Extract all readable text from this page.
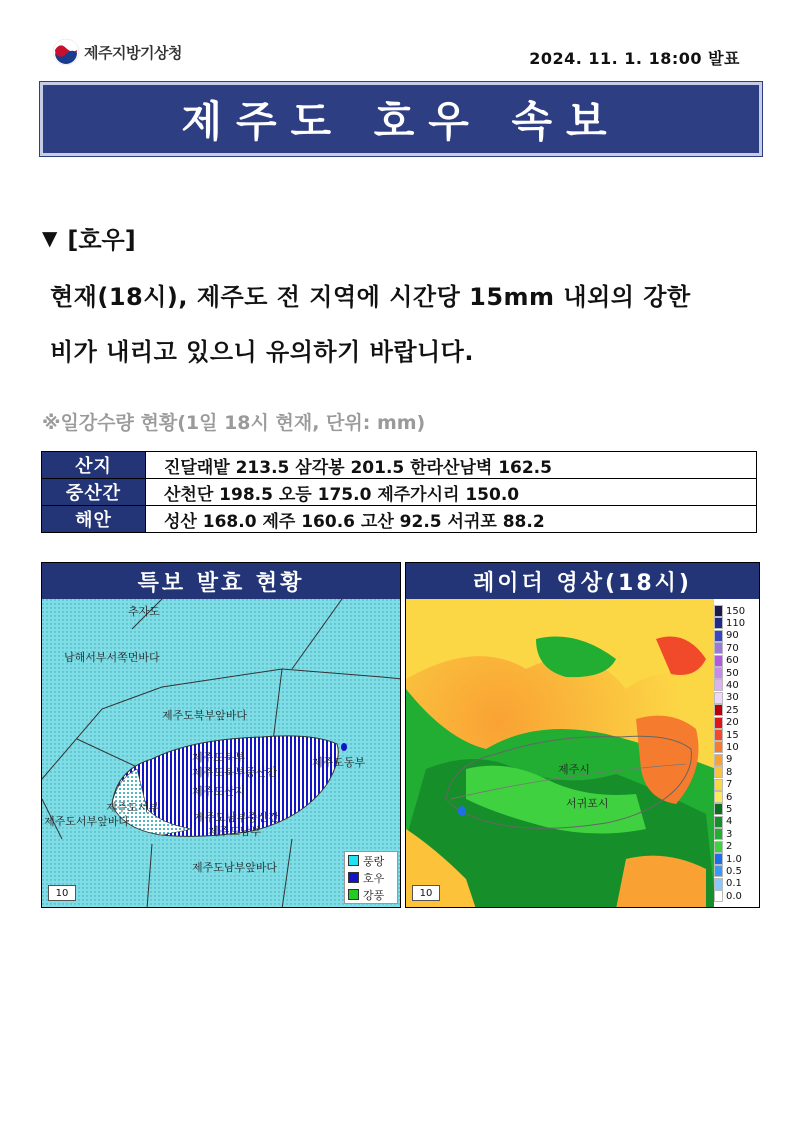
제주지방기상청	2024. 11. 1. 18:00 발표
제주도 호우 속보
▼ [호우]
현재(18시), 제주도 전 지역에 시간당 15mm 내외의 강한
비가 내리고 있으니 유의하기 바랍니다.
※일강수량 현황(1일 18시 현재, 단위: mm)
산지	진달래밭 213.5 삼각봉 201.5 한라산남벽 162.5
중산간	산천단 198.5 오등 175.0 제주가시리 150.0
해안	성산 168.0 제주 160.6 고산 92.5 서귀포 88.2
특보 발효 현황
추자도
남해서부서쪽먼바다
제주도북부앞바다
제주도북부
제주도북부중산간
제주도동부
제주도산지
제주도서부
제주도서부앞바다	제주도남부중산간
제주도남부
제주도남부앞바다	풍랑
호우
강풍
10
레이더 영상(18시)
제주시
서귀포시
10
150
110
90
70
60
50
40
30
25
20
15
10
9
8
7
6
5
4
3
2
1.0
0.5
0.1
0.0
